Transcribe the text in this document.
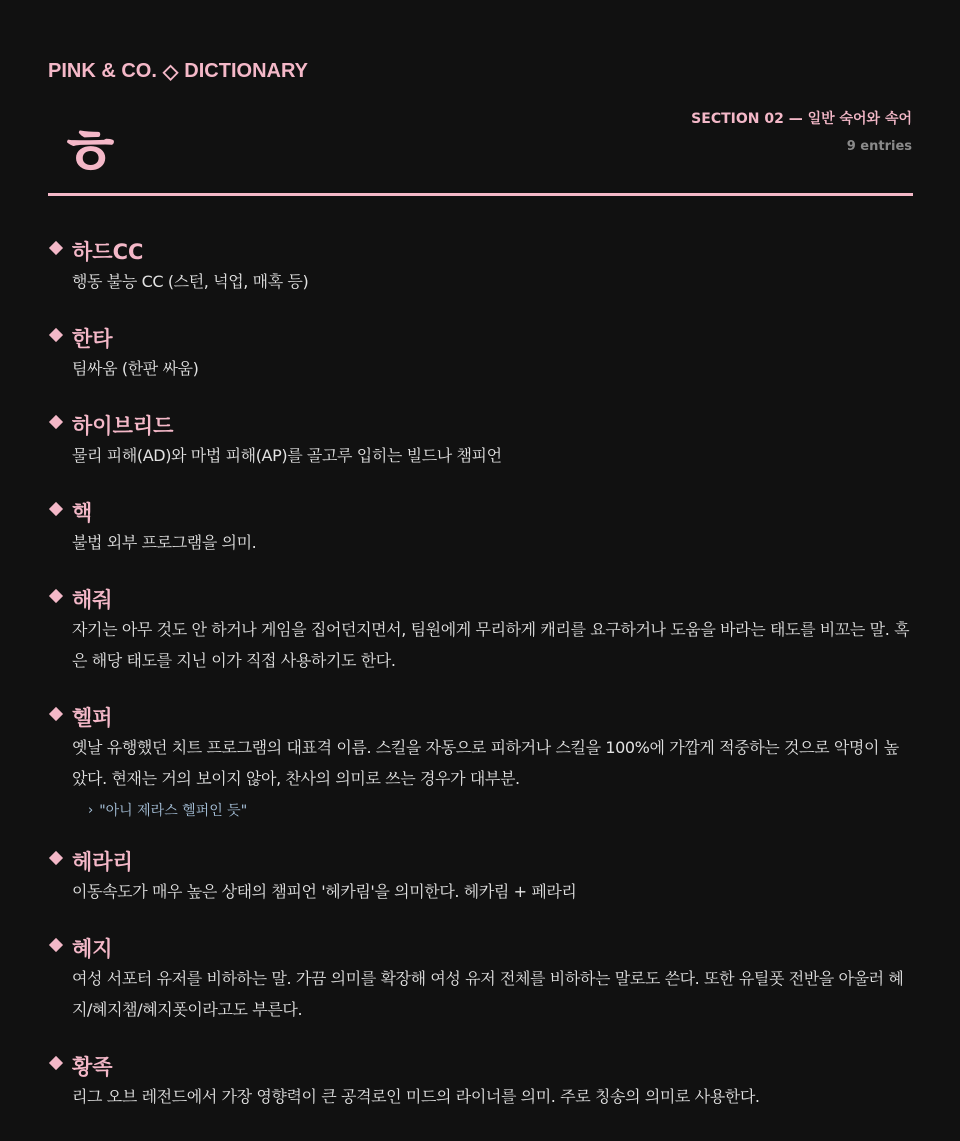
PINK & CO. ◇ DICTIONARY
SECTION 02 — 일반 숙어와 속어
9 entries
ㅎ
하드CC
행동 불능 CC (스턴, 넉업, 매혹 등)
한타
팀싸움 (한판 싸움)
하이브리드
물리 피해(AD)와 마법 피해(AP)를 골고루 입히는 빌드나 챔피언
핵
불법 외부 프로그램을 의미.
해줘
자기는 아무 것도 안 하거나 게임을 집어던지면서, 팀원에게 무리하게 캐리를 요구하거나 도움을 바라는 태도를 비꼬는 말. 혹은 해당 태도를 지닌 이가 직접 사용하기도 한다.
헬퍼
옛날 유행했던 치트 프로그램의 대표격 이름. 스킬을 자동으로 피하거나 스킬을 100%에 가깝게 적중하는 것으로 악명이 높았다. 현재는 거의 보이지 않아, 찬사의 의미로 쓰는 경우가 대부분.
› "아니 제라스 헬퍼인 듯"
헤라리
이동속도가 매우 높은 상태의 챔피언 '헤카림'을 의미한다. 헤카림 + 페라리
혜지
여성 서포터 유저를 비하하는 말. 가끔 의미를 확장해 여성 유저 전체를 비하하는 말로도 쓴다. 또한 유틸폿 전반을 아울러 혜지/혜지챔/혜지폿이라고도 부른다.
황족
리그 오브 레전드에서 가장 영향력이 큰 공격로인 미드의 라이너를 의미. 주로 칭송의 의미로 사용한다.
